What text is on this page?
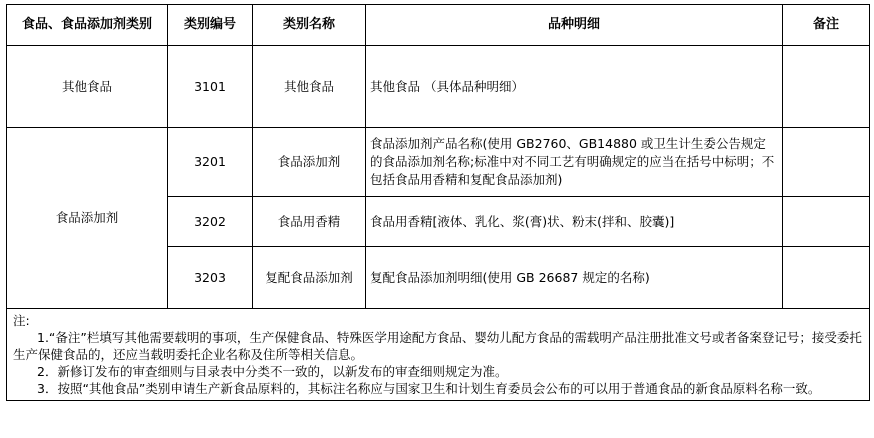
食品、食品添加剂类别	类别编号	类别名称	品种明细	备注
其他食品	3101	其他食品	其他食品 （具体品种明细）	
食品添加剂	3201	食品添加剂	食品添加剂产品名称(使用 GB2760、GB14880 或卫生计生委公告规定的食品添加剂名称;标准中对不同工艺有明确规定的应当在括号中标明；不包括食品用香精和复配食品添加剂)	
	3202	食品用香精	食品用香精[液体、乳化、浆(膏)状、粉末(拌和、胶囊)]	
	3203	复配食品添加剂	复配食品添加剂明细(使用 GB 26687 规定的名称)	

注:
1.“备注”栏填写其他需要载明的事项，生产保健食品、特殊医学用途配方食品、婴幼儿配方食品的需载明产品注册批准文号或者备案登记号；接受委托生产保健食品的，还应当载明委托企业名称及住所等相关信息。
2．新修订发布的审查细则与目录表中分类不一致的，以新发布的审查细则规定为准。
3．按照“其他食品”类别申请生产新食品原料的，其标注名称应与国家卫生和计划生育委员会公布的可以用于普通食品的新食品原料名称一致。				
